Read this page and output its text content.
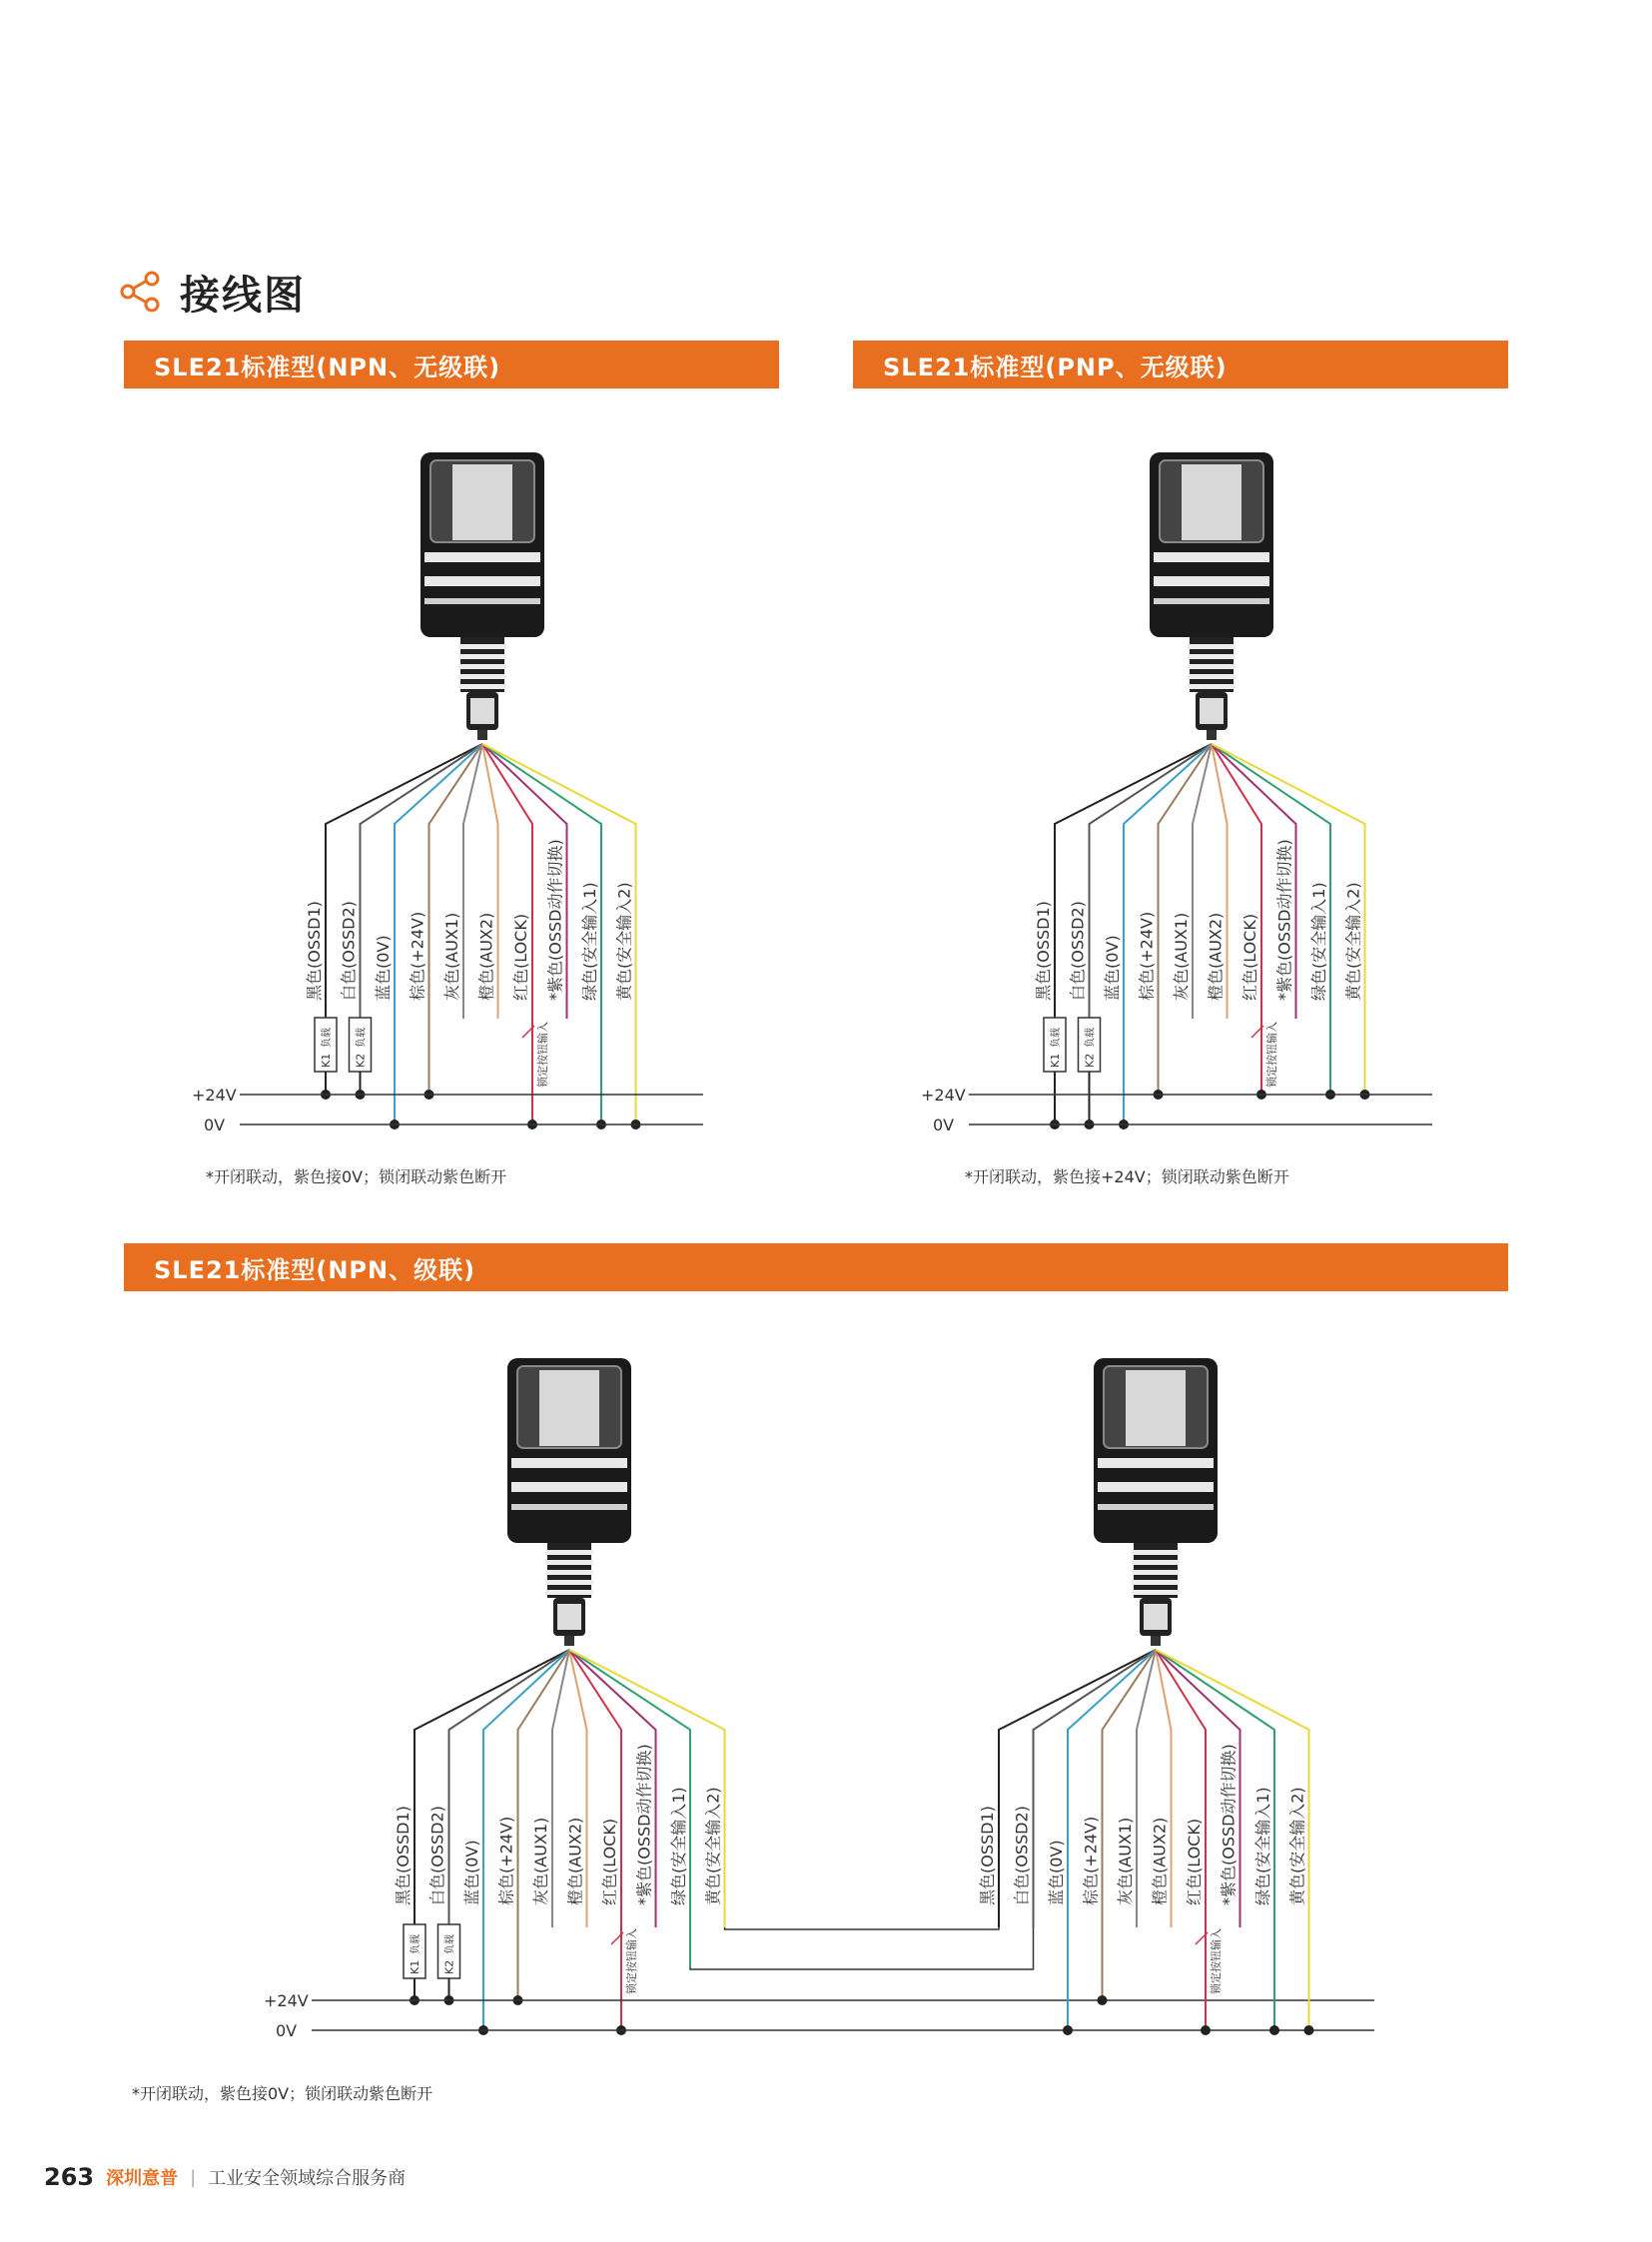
接线图
SLE21标准型(NPN、无级联)	SLE21标准型(PNP、无级联)
SLE21标准型(NPN、级联)
黑色(OSSD1) 白色(OSSD2) 蓝色(0V) 棕色(+24V) 灰色(AUX1) 橙色(AUX2) 红色(LOCK) *紫色(OSSD动作切换) 绿色(安全输入1) 黄色(安全输入2)
负载
K1
负载
K2	锁定按钮输入
+24V
0V
*开闭联动，紫色接0V；锁闭联动紫色断开
黑色(OSSD1) 白色(OSSD2) 蓝色(0V) 棕色(+24V) 灰色(AUX1) 橙色(AUX2) 红色(LOCK) *紫色(OSSD动作切换) 绿色(安全输入1) 黄色(安全输入2)
负载
K1
负载
K2	锁定按钮输入
+24V
0V
*开闭联动，紫色接+24V；锁闭联动紫色断开
黑色(OSSD1) 白色(OSSD2) 蓝色(0V) 棕色(+24V) 灰色(AUX1) 橙色(AUX2) 红色(LOCK) *紫色(OSSD动作切换) 绿色(安全输入1) 黄色(安全输入2)
负载
K1
负载
K2	锁定按钮输入
+24V
0V
*开闭联动，紫色接0V；锁闭联动紫色断开
黑色(OSSD1) 白色(OSSD2) 蓝色(0V) 棕色(+24V) 灰色(AUX1) 橙色(AUX2) 红色(LOCK) *紫色(OSSD动作切换) 绿色(安全输入1) 黄色(安全输入2)
锁定按钮输入
263 深圳意普 | 工业安全领域综合服务商
